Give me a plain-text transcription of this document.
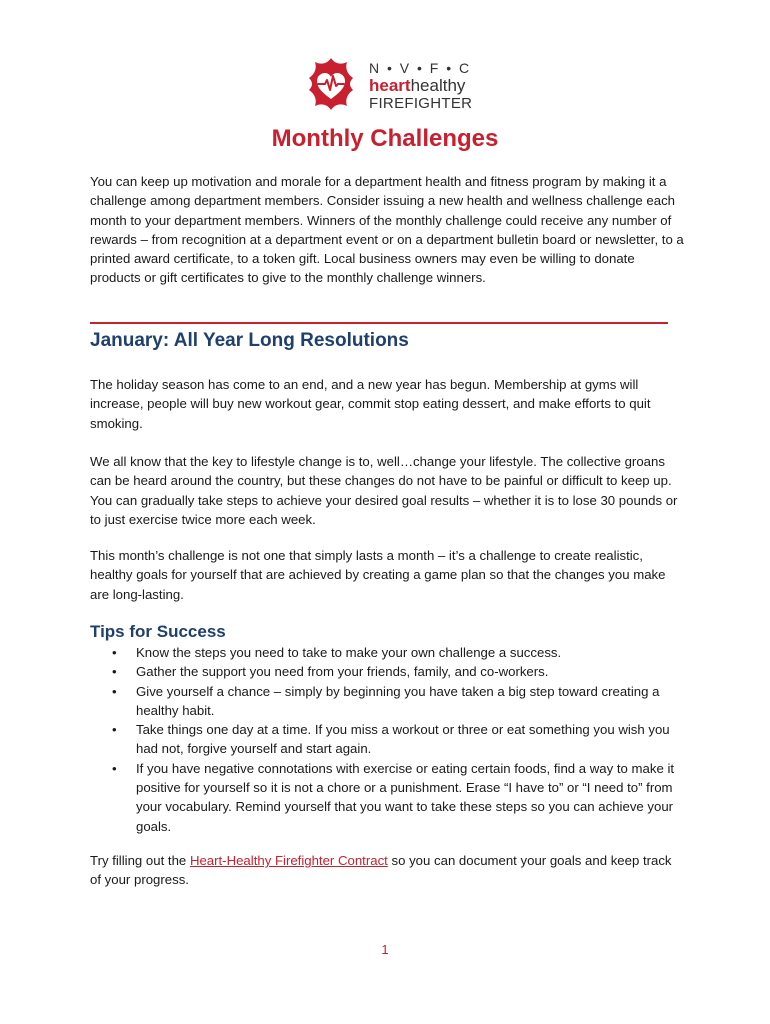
N • V • F • C
hearthealthy
FIREFIGHTER
Monthly Challenges

You can keep up motivation and morale for a department health and fitness program by making it a challenge among department members. Consider issuing a new health and wellness challenge each month to your department members. Winners of the monthly challenge could receive any number of rewards – from recognition at a department event or on a department bulletin board or newsletter, to a printed award certificate, to a token gift. Local business owners may even be willing to donate products or gift certificates to give to the monthly challenge winners.

January: All Year Long Resolutions

The holiday season has come to an end, and a new year has begun. Membership at gyms will increase, people will buy new workout gear, commit stop eating dessert, and make efforts to quit smoking.

We all know that the key to lifestyle change is to, well…change your lifestyle. The collective groans can be heard around the country, but these changes do not have to be painful or difficult to keep up. You can gradually take steps to achieve your desired goal results – whether it is to lose 30 pounds or to just exercise twice more each week.

This month’s challenge is not one that simply lasts a month – it’s a challenge to create realistic, healthy goals for yourself that are achieved by creating a game plan so that the changes you make are long-lasting.

Tips for Success
• Know the steps you need to take to make your own challenge a success.
• Gather the support you need from your friends, family, and co-workers.
• Give yourself a chance – simply by beginning you have taken a big step toward creating a healthy habit.
• Take things one day at a time. If you miss a workout or three or eat something you wish you had not, forgive yourself and start again.
• If you have negative connotations with exercise or eating certain foods, find a way to make it positive for yourself so it is not a chore or a punishment. Erase “I have to” or “I need to” from your vocabulary. Remind yourself that you want to take these steps so you can achieve your goals.

Try filling out the Heart-Healthy Firefighter Contract so you can document your goals and keep track of your progress.

1
